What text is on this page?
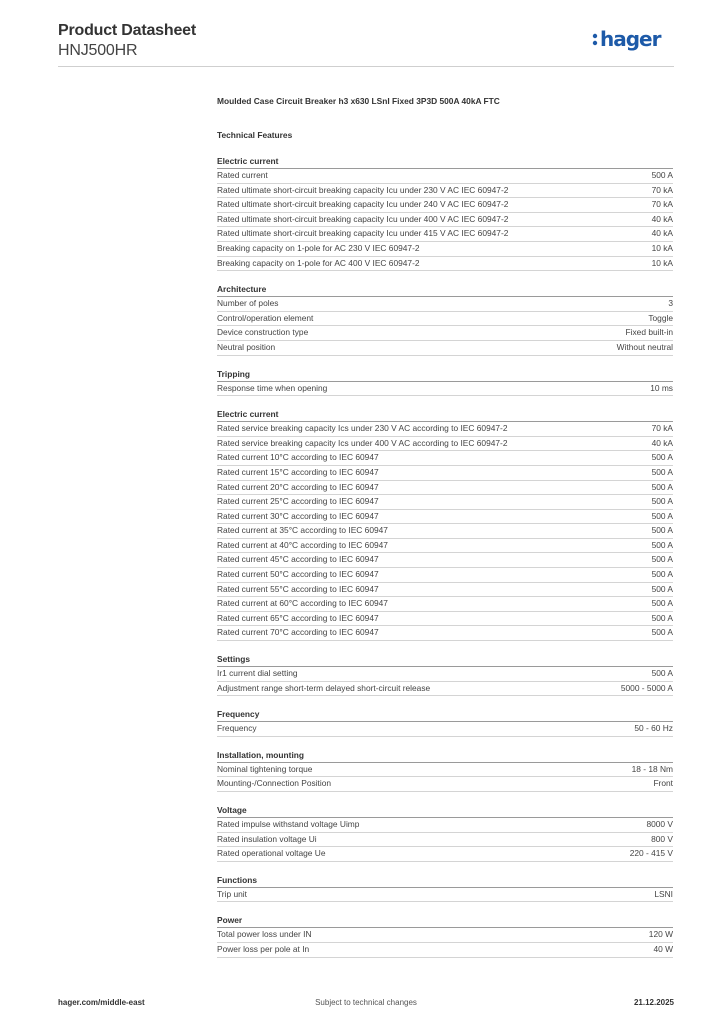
Product Datasheet
HNJ500HR	hager
Moulded Case Circuit Breaker h3 x630 LSnI Fixed 3P3D 500A 40kA FTC
Technical Features
Electric current
Rated current	500 A
Rated ultimate short-circuit breaking capacity Icu under 230 V AC IEC 60947-2	70 kA
Rated ultimate short-circuit breaking capacity Icu under 240 V AC IEC 60947-2	70 kA
Rated ultimate short-circuit breaking capacity Icu under 400 V AC IEC 60947-2	40 kA
Rated ultimate short-circuit breaking capacity Icu under 415 V AC IEC 60947-2	40 kA
Breaking capacity on 1-pole for AC 230 V IEC 60947-2	10 kA
Breaking capacity on 1-pole for AC 400 V IEC 60947-2	10 kA
Architecture
Number of poles	3
Control/operation element	Toggle
Device construction type	Fixed built-in
Neutral position	Without neutral
Tripping
Response time when opening	10 ms
Electric current
Rated service breaking capacity Ics under 230 V AC according to IEC 60947-2	70 kA
Rated service breaking capacity Ics under 400 V AC according to IEC 60947-2	40 kA
Rated current 10°C according to IEC 60947	500 A
Rated current 15°C according to IEC 60947	500 A
Rated current 20°C according to IEC 60947	500 A
Rated current 25°C according to IEC 60947	500 A
Rated current 30°C according to IEC 60947	500 A
Rated current at 35°C according to IEC 60947	500 A
Rated current at 40°C according to IEC 60947	500 A
Rated current 45°C according to IEC 60947	500 A
Rated current 50°C according to IEC 60947	500 A
Rated current 55°C according to IEC 60947	500 A
Rated current at 60°C according to IEC 60947	500 A
Rated current 65°C according to IEC 60947	500 A
Rated current 70°C according to IEC 60947	500 A
Settings
Ir1 current dial setting	500 A
Adjustment range short-term delayed short-circuit release	5000 - 5000 A
Frequency
Frequency	50 - 60 Hz
Installation, mounting
Nominal tightening torque	18 - 18 Nm
Mounting-/Connection Position	Front
Voltage
Rated impulse withstand voltage Uimp	8000 V
Rated insulation voltage Ui	800 V
Rated operational voltage Ue	220 - 415 V
Functions
Trip unit	LSNI
Power
Total power loss under IN	120 W
Power loss per pole at In	40 W
hager.com/middle-east	Subject to technical changes	21.12.2025
